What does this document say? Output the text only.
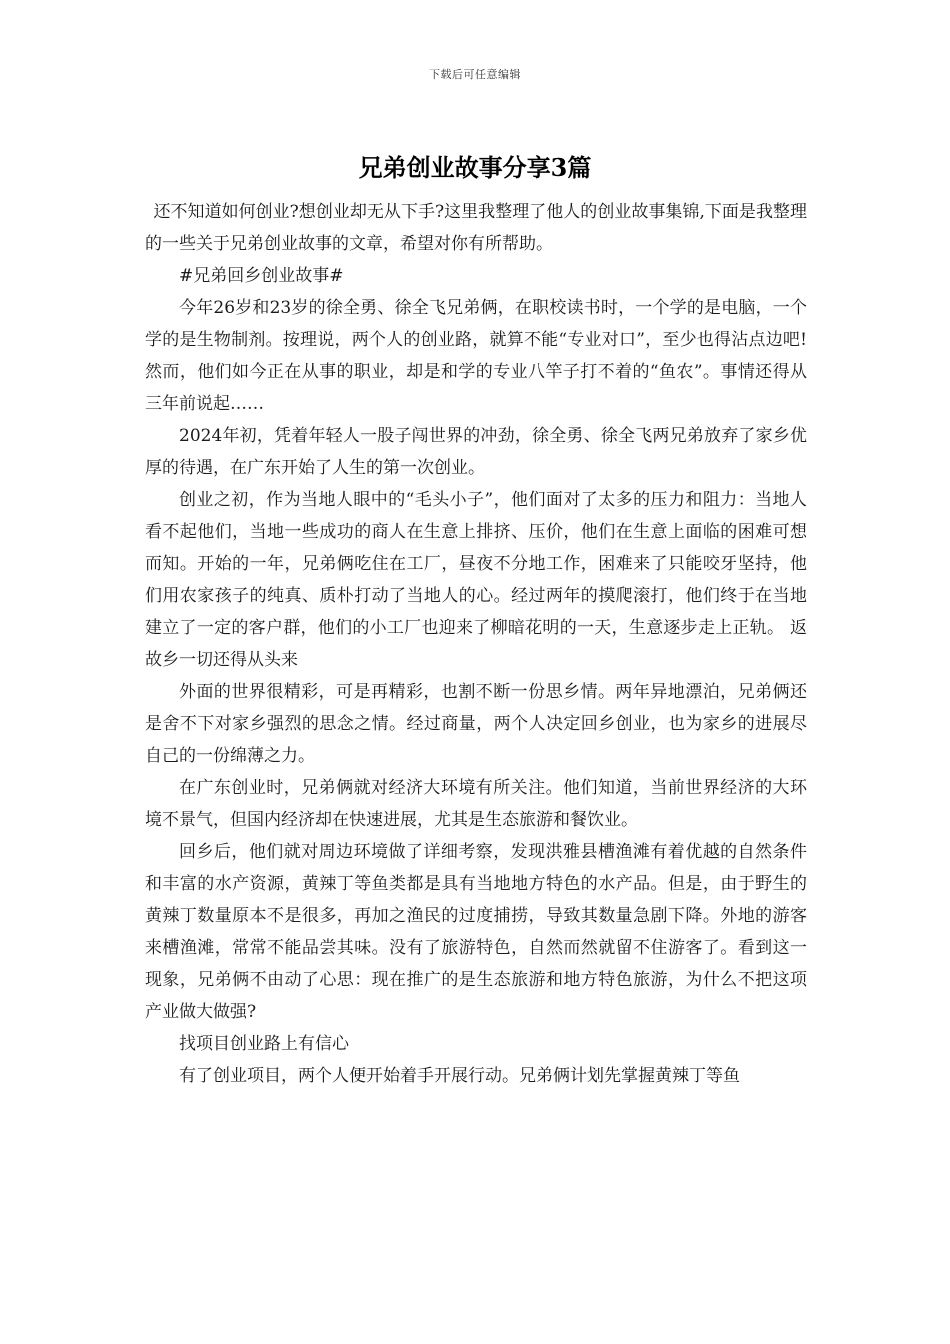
下载后可任意编辑
兄弟创业故事分享3篇

还不知道如何创业?想创业却无从下手?这里我整理了他人的创业故事集锦,下面是我整理的一些关于兄弟创业故事的文章，希望对你有所帮助。

#兄弟回乡创业故事#

今年26岁和23岁的徐全勇、徐全飞兄弟俩，在职校读书时，一个学的是电脑，一个学的是生物制剂。按理说，两个人的创业路，就算不能“专业对口”，至少也得沾点边吧!然而，他们如今正在从事的职业，却是和学的专业八竿子打不着的“鱼农”。事情还得从三年前说起……

2024年初，凭着年轻人一股子闯世界的冲劲，徐全勇、徐全飞两兄弟放弃了家乡优厚的待遇，在广东开始了人生的第一次创业。

创业之初，作为当地人眼中的“毛头小子”，他们面对了太多的压力和阻力：当地人看不起他们，当地一些成功的商人在生意上排挤、压价，他们在生意上面临的困难可想而知。开始的一年，兄弟俩吃住在工厂，昼夜不分地工作，困难来了只能咬牙坚持，他们用农家孩子的纯真、质朴打动了当地人的心。经过两年的摸爬滚打，他们终于在当地建立了一定的客户群，他们的小工厂也迎来了柳暗花明的一天，生意逐步走上正轨。 返故乡一切还得从头来

外面的世界很精彩，可是再精彩，也割不断一份思乡情。两年异地漂泊，兄弟俩还是舍不下对家乡强烈的思念之情。经过商量，两个人决定回乡创业，也为家乡的进展尽自己的一份绵薄之力。

在广东创业时，兄弟俩就对经济大环境有所关注。他们知道，当前世界经济的大环境不景气，但国内经济却在快速进展，尤其是生态旅游和餐饮业。

回乡后，他们就对周边环境做了详细考察，发现洪雅县槽渔滩有着优越的自然条件和丰富的水产资源，黄辣丁等鱼类都是具有当地地方特色的水产品。但是，由于野生的 黄辣丁数量原本不是很多，再加之渔民的过度捕捞，导致其数量急剧下降。外地的游客来槽渔滩，常常不能品尝其味。没有了旅游特色，自然而然就留不住游客了。看到这一现象，兄弟俩不由动了心思：现在推广的是生态旅游和地方特色旅游，为什么不把这项产业做大做强?

找项目创业路上有信心

有了创业项目，两个人便开始着手开展行动。兄弟俩计划先掌握黄辣丁等鱼
